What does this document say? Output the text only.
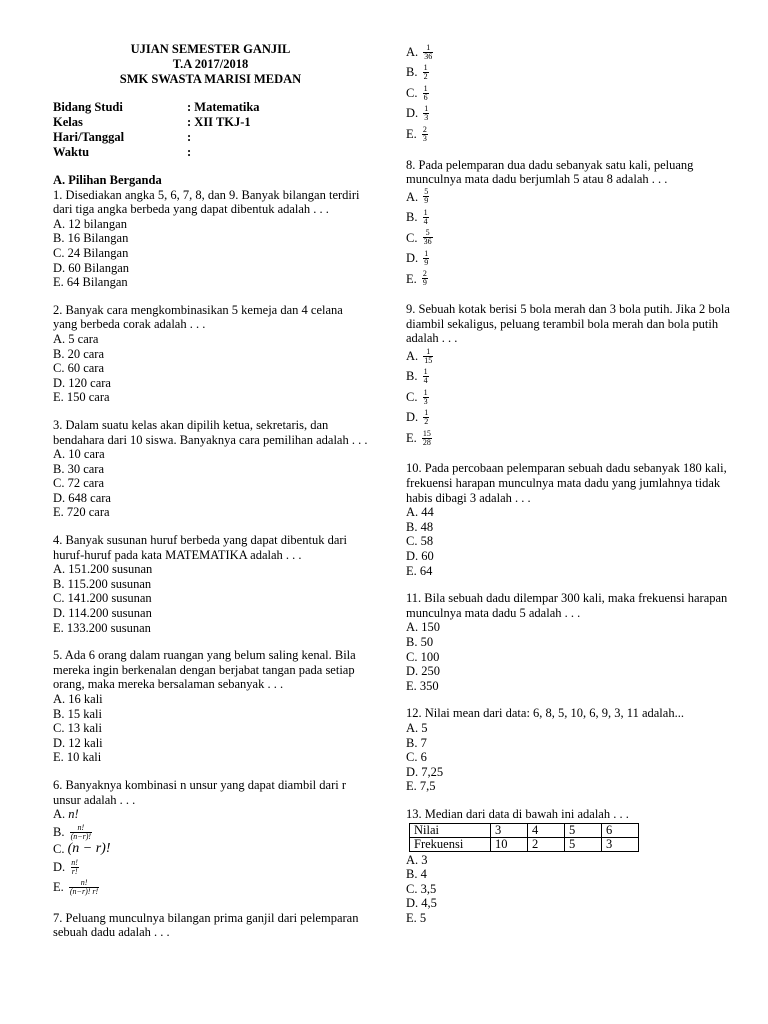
UJIAN SEMESTER GANJIL
T.A 2017/2018
SMK SWASTA MARISI MEDAN
Bidang Studi	: Matematika
Kelas	: XII TKJ-1
Hari/Tanggal	:
Waktu	:
A. Pilihan Berganda
1. Disediakan angka 5, 6, 7, 8, dan 9. Banyak bilangan terdiri dari tiga angka berbeda yang dapat dibentuk adalah . . .
A. 12 bilangan
B. 16 Bilangan
C. 24 Bilangan
D. 60 Bilangan
E. 64 Bilangan
2. Banyak cara mengkombinasikan 5 kemeja dan 4 celana yang berbeda corak adalah . . .
A. 5 cara
B. 20 cara
C. 60 cara
D. 120 cara
E. 150 cara
3. Dalam suatu kelas akan dipilih ketua, sekretaris, dan bendahara dari 10 siswa. Banyaknya cara pemilihan adalah . . .
A. 10 cara
B. 30 cara
C. 72 cara
D. 648 cara
E. 720 cara
4. Banyak susunan huruf berbeda yang dapat dibentuk dari huruf-huruf pada kata MATEMATIKA adalah . . .
A. 151.200 susunan
B. 115.200 susunan
C. 141.200 susunan
D. 114.200 susunan
E. 133.200 susunan
5. Ada 6 orang dalam ruangan yang belum saling kenal. Bila mereka ingin berkenalan dengan berjabat tangan pada setiap orang, maka mereka bersalaman sebanyak . . .
A. 16 kali
B. 15 kali
C. 13 kali
D. 12 kali
E. 10 kali
6. Banyaknya kombinasi n unsur yang dapat diambil dari r unsur adalah . . .
A. n!
B. $\frac{n!}{(n-r)!}$
C. (n − r)!
D. $\frac{n!}{r!}$
E. $\frac{n!}{(n-r)! r!}$
7. Peluang munculnya bilangan prima ganjil dari pelemparan sebuah dadu adalah . . .
A. $\frac{1}{36}$
B. $\frac{1}{2}$
C. $\frac{1}{6}$
D. $\frac{1}{3}$
E. $\frac{2}{3}$
8. Pada pelemparan dua dadu sebanyak satu kali, peluang munculnya mata dadu berjumlah 5 atau 8 adalah . . .
A. $\frac{5}{9}$
B. $\frac{1}{4}$
C. $\frac{5}{36}$
D. $\frac{1}{9}$
E. $\frac{2}{9}$
9. Sebuah kotak berisi 5 bola merah dan 3 bola putih. Jika 2 bola diambil sekaligus, peluang terambil bola merah dan bola putih adalah . . .
A. $\frac{1}{15}$
B. $\frac{1}{4}$
C. $\frac{1}{3}$
D. $\frac{1}{2}$
E. $\frac{15}{28}$
10. Pada percobaan pelemparan sebuah dadu sebanyak 180 kali, frekuensi harapan munculnya mata dadu yang jumlahnya tidak habis dibagi 3 adalah . . .
A. 44
B. 48
C. 58
D. 60
E. 64
11. Bila sebuah dadu dilempar 300 kali, maka frekuensi harapan munculnya mata dadu 5 adalah . . .
A. 150
B. 50
C. 100
D. 250
E. 350
12. Nilai mean dari data: 6, 8, 5, 10, 6, 9, 3, 11 adalah...
A. 5
B. 7
C. 6
D. 7,25
E. 7,5
13. Median dari data di bawah ini adalah . . .
Nilai	3	4	5	6
Frekuensi	10	2	5	3
A. 3
B. 4
C. 3,5
D. 4,5
E. 5
